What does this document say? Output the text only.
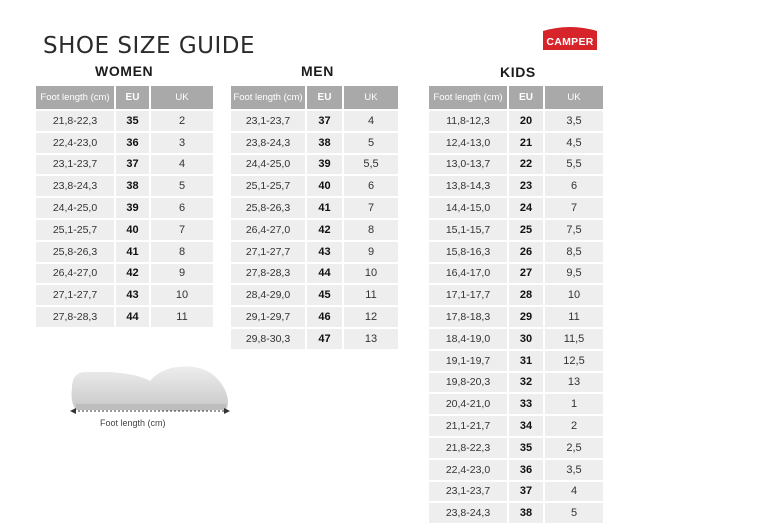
SHOE SIZE GUIDE	CAMPER
WOMEN
Foot length (cm)	EU	UK
21,8-22,3	35	2
22,4-23,0	36	3
23,1-23,7	37	4
23,8-24,3	38	5
24,4-25,0	39	6
25,1-25,7	40	7
25,8-26,3	41	8
26,4-27,0	42	9
27,1-27,7	43	10
27,8-28,3	44	11
MEN
Foot length (cm)	EU	UK
23,1-23,7	37	4
23,8-24,3	38	5
24,4-25,0	39	5,5
25,1-25,7	40	6
25,8-26,3	41	7
26,4-27,0	42	8
27,1-27,7	43	9
27,8-28,3	44	10
28,4-29,0	45	11
29,1-29,7	46	12
29,8-30,3	47	13
KIDS
Foot length (cm)	EU	UK
11,8-12,3	20	3,5
12,4-13,0	21	4,5
13,0-13,7	22	5,5
13,8-14,3	23	6
14,4-15,0	24	7
15,1-15,7	25	7,5
15,8-16,3	26	8,5
16,4-17,0	27	9,5
17,1-17,7	28	10
17,8-18,3	29	11
18,4-19,0	30	11,5
19,1-19,7	31	12,5
19,8-20,3	32	13
20,4-21,0	33	1
21,1-21,7	34	2
21,8-22,3	35	2,5
22,4-23,0	36	3,5
23,1-23,7	37	4
23,8-24,3	38	5
Foot length (cm)
